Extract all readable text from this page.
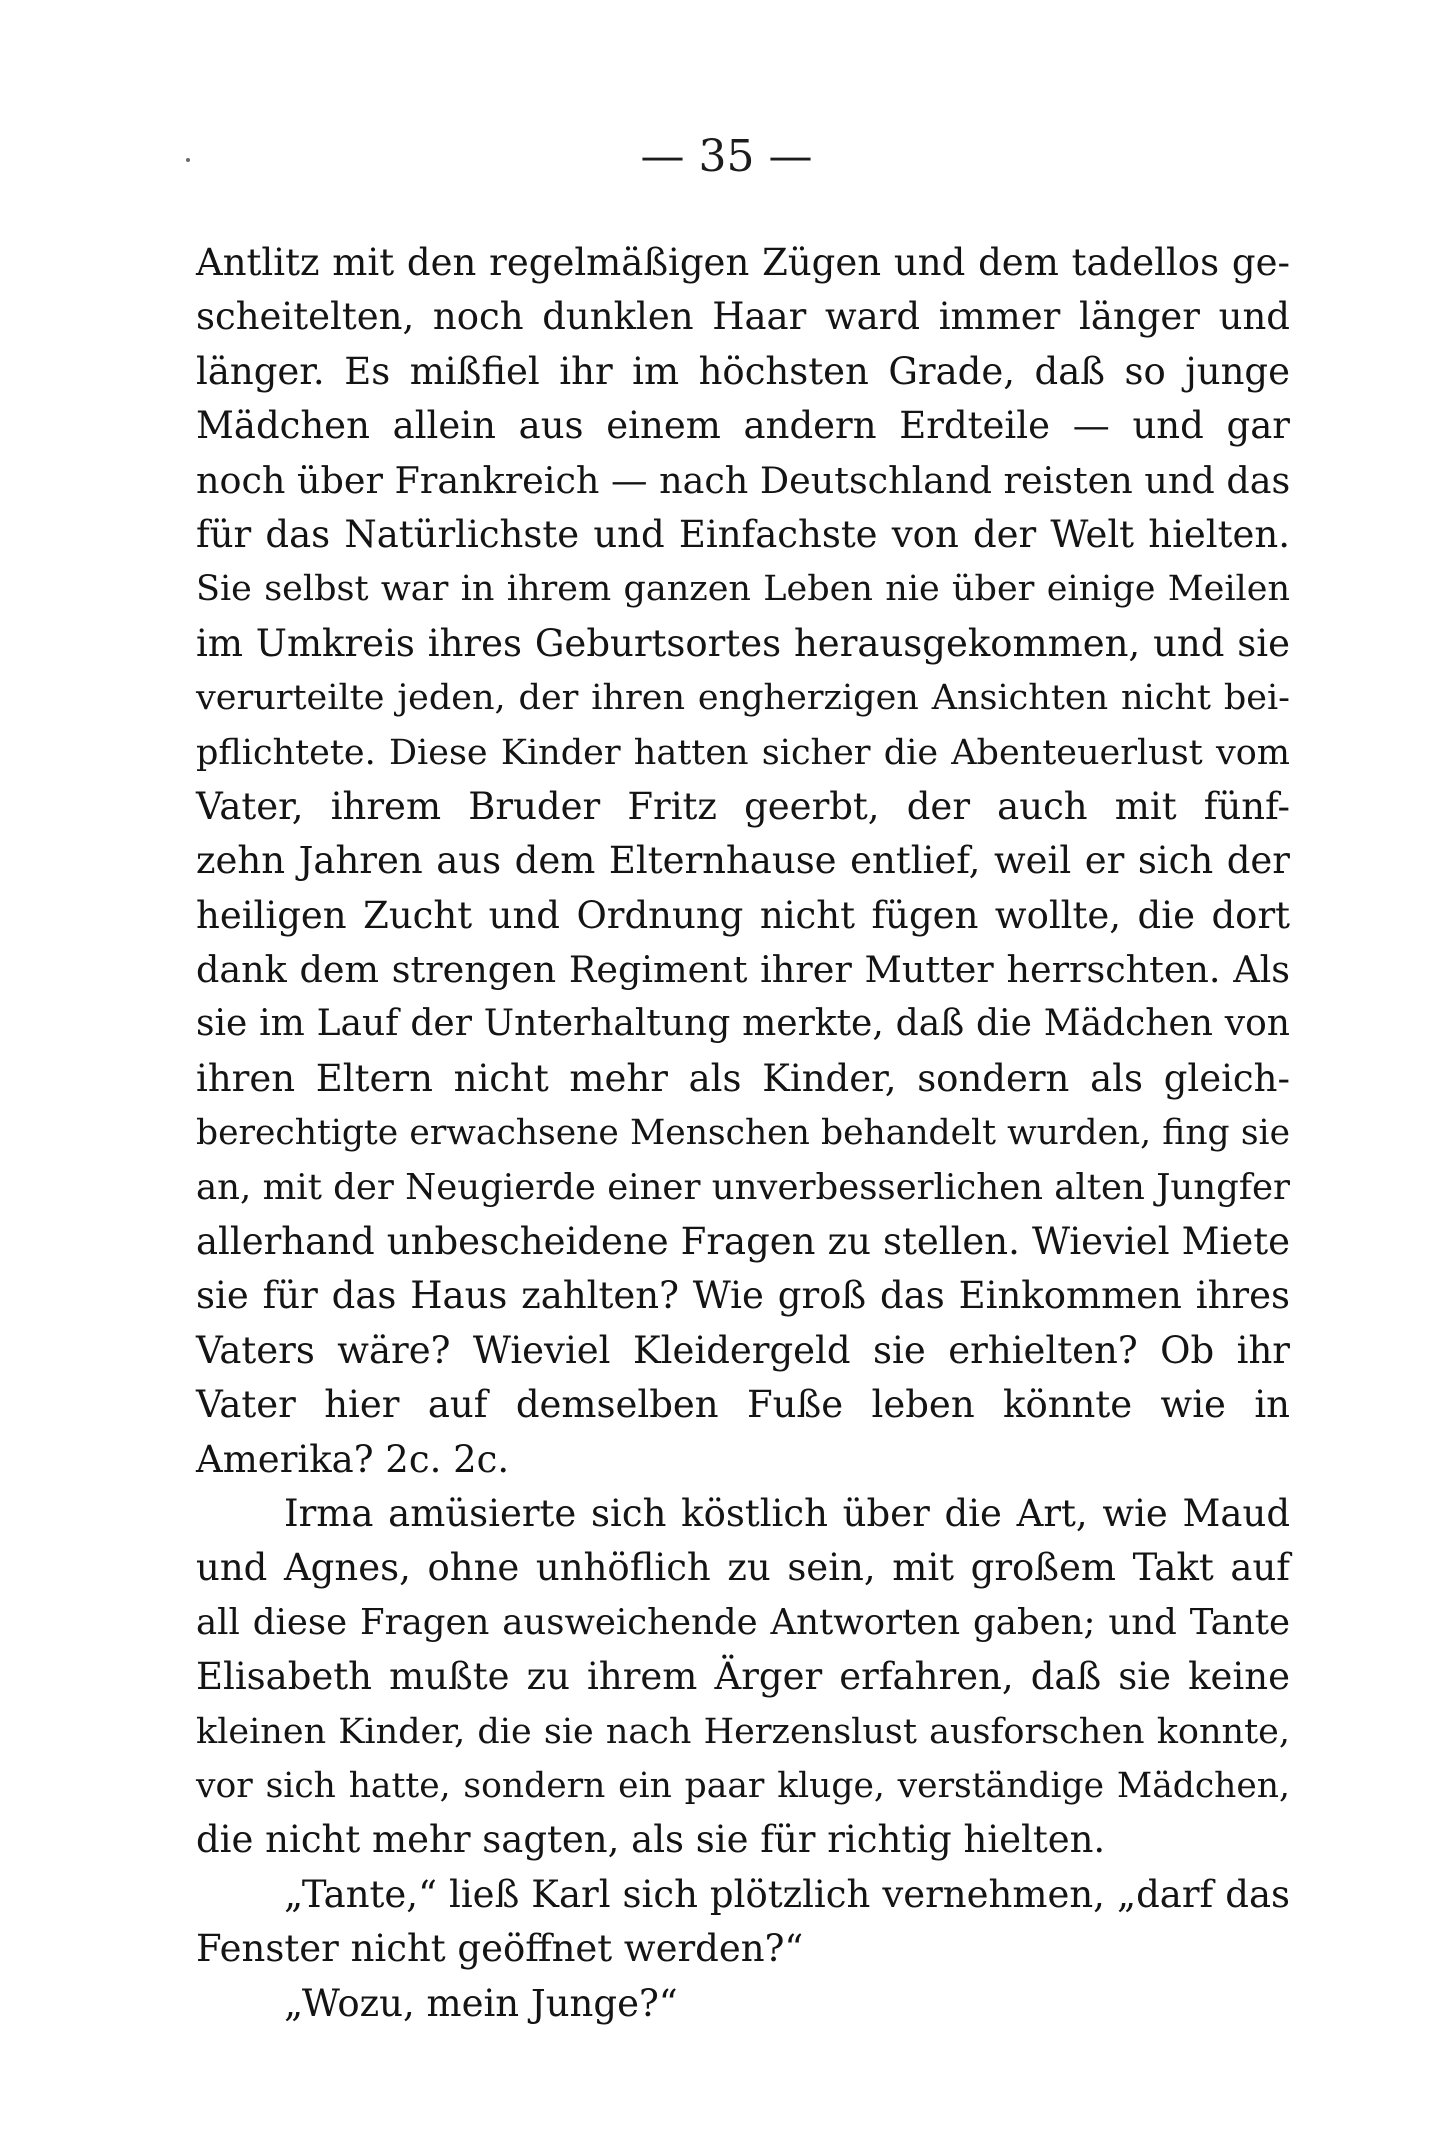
— 35 —
Antlitz mit den regelmäßigen Zügen und dem tadellos ge-
scheitelten, noch dunklen Haar ward immer länger und
länger. Es mißfiel ihr im höchsten Grade, daß so junge
Mädchen allein aus einem andern Erdteile — und gar
noch über Frankreich — nach Deutschland reisten und das
für das Natürlichste und Einfachste von der Welt hielten.
Sie selbst war in ihrem ganzen Leben nie über einige Meilen
im Umkreis ihres Geburtsortes herausgekommen, und sie
verurteilte jeden, der ihren engherzigen Ansichten nicht bei-
pflichtete. Diese Kinder hatten sicher die Abenteuerlust vom
Vater, ihrem Bruder Fritz geerbt, der auch mit fünf-
zehn Jahren aus dem Elternhause entlief, weil er sich der
heiligen Zucht und Ordnung nicht fügen wollte, die dort
dank dem strengen Regiment ihrer Mutter herrschten. Als
sie im Lauf der Unterhaltung merkte, daß die Mädchen von
ihren Eltern nicht mehr als Kinder, sondern als gleich-
berechtigte erwachsene Menschen behandelt wurden, fing sie
an, mit der Neugierde einer unverbesserlichen alten Jungfer
allerhand unbescheidene Fragen zu stellen. Wieviel Miete
sie für das Haus zahlten? Wie groß das Einkommen ihres
Vaters wäre? Wieviel Kleidergeld sie erhielten? Ob ihr
Vater hier auf demselben Fuße leben könnte wie in
Amerika? 2c. 2c.
Irma amüsierte sich köstlich über die Art, wie Maud
und Agnes, ohne unhöflich zu sein, mit großem Takt auf
all diese Fragen ausweichende Antworten gaben; und Tante
Elisabeth mußte zu ihrem Ärger erfahren, daß sie keine
kleinen Kinder, die sie nach Herzenslust ausforschen konnte,
vor sich hatte, sondern ein paar kluge, verständige Mädchen,
die nicht mehr sagten, als sie für richtig hielten.
„Tante,“ ließ Karl sich plötzlich vernehmen, „darf das
Fenster nicht geöffnet werden?“
„Wozu, mein Junge?“
